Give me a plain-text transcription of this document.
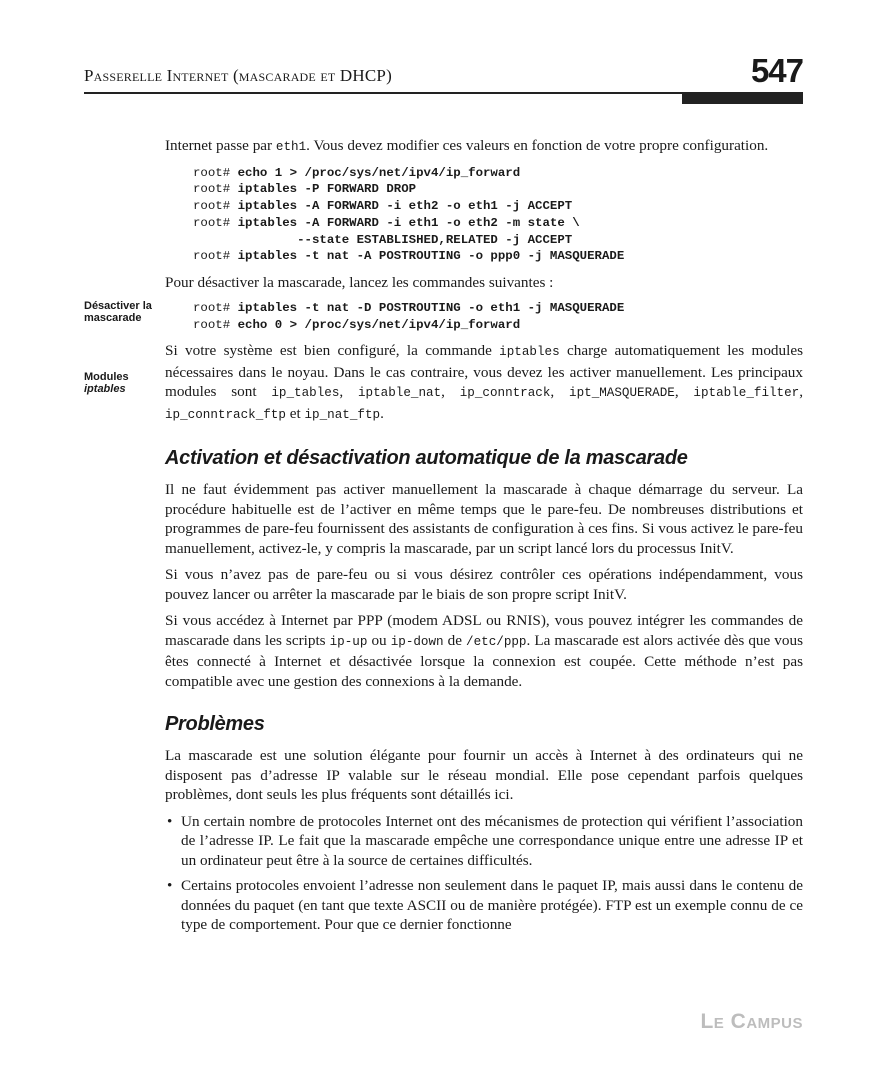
Passerelle Internet (mascarade et DHCP)	547
Désactiver la
mascarade
Modules
iptables

Internet passe par eth1. Vous devez modifier ces valeurs en fonction de votre propre configuration.

root# echo 1 > /proc/sys/net/ipv4/ip_forward
root# iptables -P FORWARD DROP
root# iptables -A FORWARD -i eth2 -o eth1 -j ACCEPT
root# iptables -A FORWARD -i eth1 -o eth2 -m state \
--state ESTABLISHED,RELATED -j ACCEPT
root# iptables -t nat -A POSTROUTING -o ppp0 -j MASQUERADE

Pour désactiver la mascarade, lancez les commandes suivantes :

root# iptables -t nat -D POSTROUTING -o eth1 -j MASQUERADE
root# echo 0 > /proc/sys/net/ipv4/ip_forward

Si votre système est bien configuré, la commande iptables charge automatiquement les modules nécessaires dans le noyau. Dans le cas contraire, vous devez les activer manuellement. Les principaux modules sont ip_tables, iptable_nat, ip_conntrack, ipt_MASQUERADE, iptable_filter, ip_conntrack_ftp et ip_nat_ftp.

Activation et désactivation automatique de la mascarade

Il ne faut évidemment pas activer manuellement la mascarade à chaque démarrage du serveur. La procédure habituelle est de l’activer en même temps que le pare-feu. De nombreuses distributions et programmes de pare-feu fournissent des assistants de configuration à ces fins. Si vous activez le pare-feu manuellement, activez-le, y compris la mascarade, par un script lancé lors du processus InitV.

Si vous n’avez pas de pare-feu ou si vous désirez contrôler ces opérations indépendamment, vous pouvez lancer ou arrêter la mascarade par le biais de son propre script InitV.

Si vous accédez à Internet par PPP (modem ADSL ou RNIS), vous pouvez intégrer les commandes de mascarade dans les scripts ip-up ou ip-down de /etc/ppp. La mascarade est alors activée dès que vous êtes connecté à Internet et désactivée lorsque la connexion est coupée. Cette méthode n’est pas compatible avec une gestion des connexions à la demande.

Problèmes

La mascarade est une solution élégante pour fournir un accès à Internet à des ordinateurs qui ne disposent pas d’adresse IP valable sur le réseau mondial. Elle pose cependant parfois quelques problèmes, dont seuls les plus fréquents sont détaillés ici.

• Un certain nombre de protocoles Internet ont des mécanismes de protection qui vérifient l’association de l’adresse IP. Le fait que la mascarade empêche une correspondance unique entre une adresse IP et un ordinateur peut être à la source de certaines difficultés.
• Certains protocoles envoient l’adresse non seulement dans le paquet IP, mais aussi dans le contenu de données du paquet (en tant que texte ASCII ou de manière protégée). FTP est un exemple connu de ce type de comportement. Pour que ce dernier fonctionne
Le Campus
